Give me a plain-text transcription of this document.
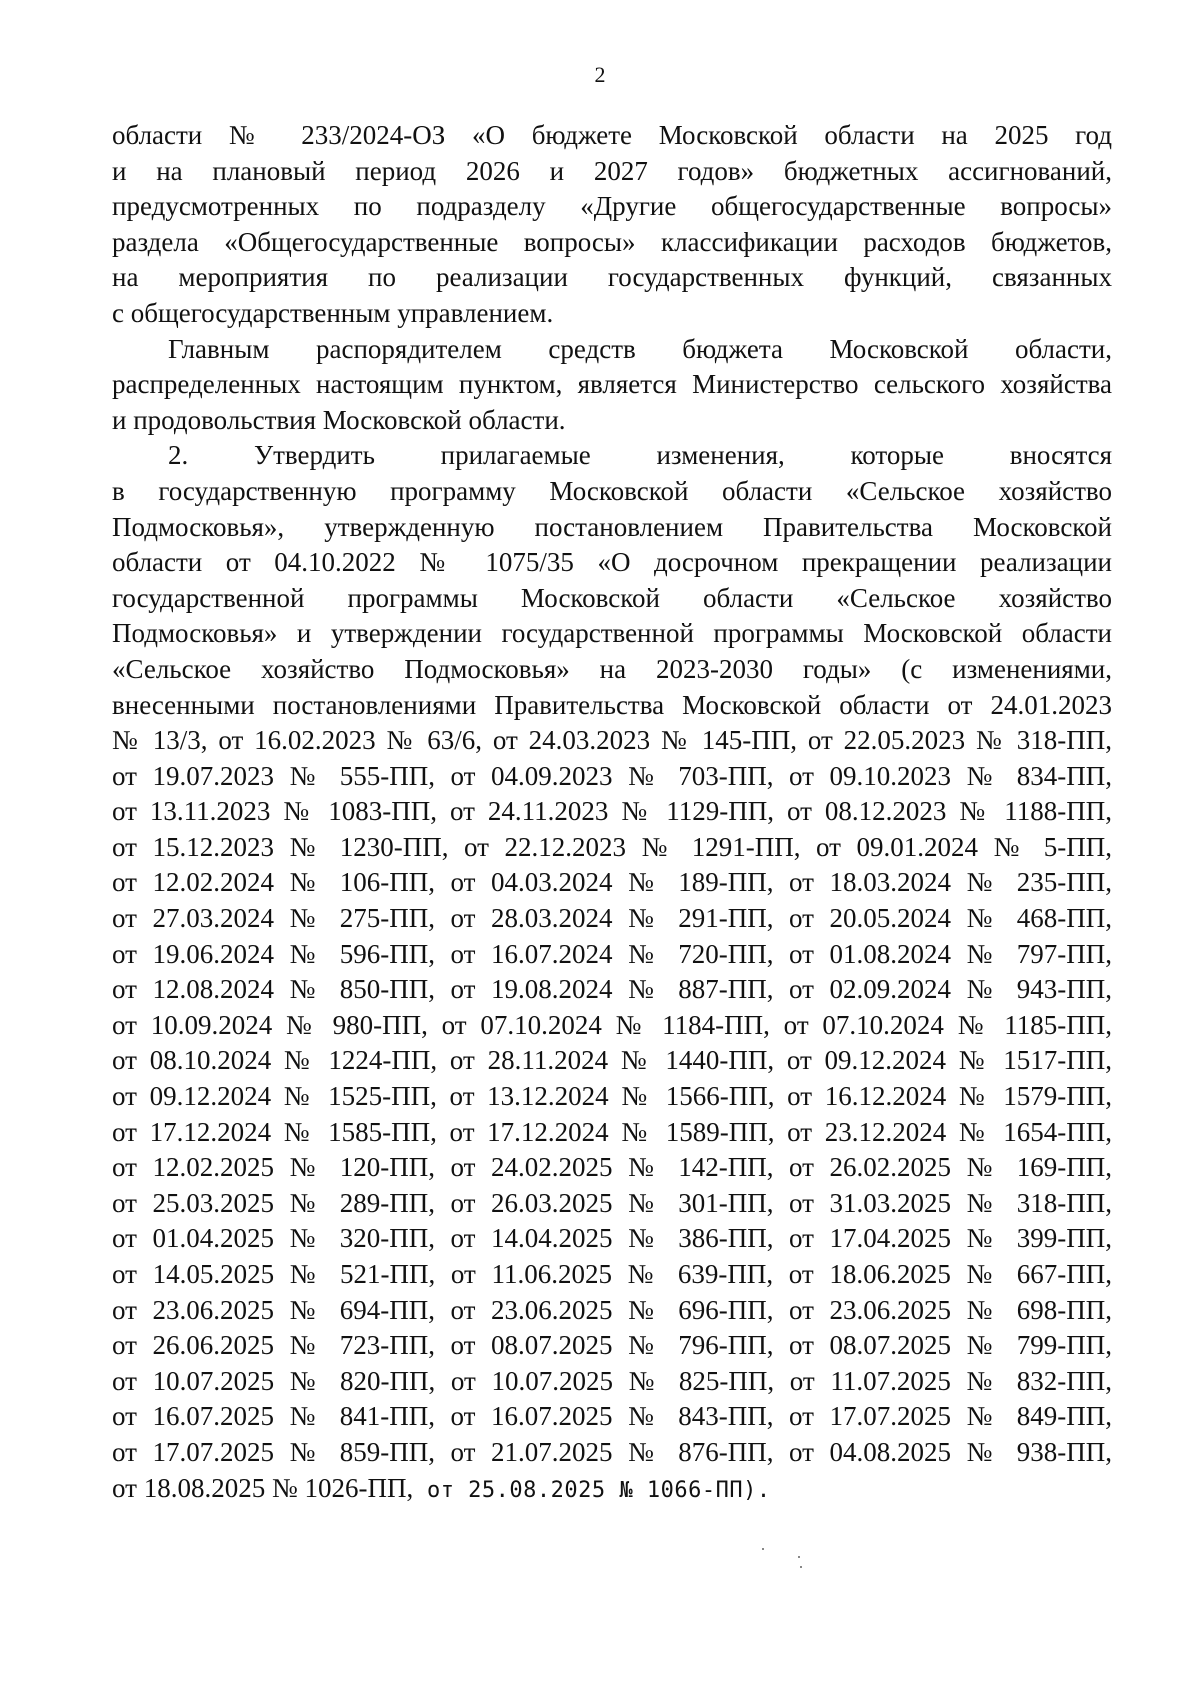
2
области № 233/2024-ОЗ «О бюджете Московской области на 2025 год
и на плановый период 2026 и 2027 годов» бюджетных ассигнований,
предусмотренных по подразделу «Другие общегосударственные вопросы»
раздела «Общегосударственные вопросы» классификации расходов бюджетов,
на мероприятия по реализации государственных функций, связанных
с общегосударственным управлением.
Главным распорядителем средств бюджета Московской области,
распределенных настоящим пунктом, является Министерство сельского хозяйства
и продовольствия Московской области.
2. Утвердить прилагаемые изменения, которые вносятся
в государственную программу Московской области «Сельское хозяйство
Подмосковья», утвержденную постановлением Правительства Московской
области от 04.10.2022 № 1075/35 «О досрочном прекращении реализации
государственной программы Московской области «Сельское хозяйство
Подмосковья» и утверждении государственной программы Московской области
«Сельское хозяйство Подмосковья» на 2023-2030 годы» (с изменениями,
внесенными постановлениями Правительства Московской области от 24.01.2023
№ 13/3, от 16.02.2023 № 63/6, от 24.03.2023 № 145-ПП, от 22.05.2023 № 318-ПП,
от 19.07.2023 № 555-ПП, от 04.09.2023 № 703-ПП, от 09.10.2023 № 834-ПП,
от 13.11.2023 № 1083-ПП, от 24.11.2023 № 1129-ПП, от 08.12.2023 № 1188-ПП,
от 15.12.2023 № 1230-ПП, от 22.12.2023 № 1291-ПП, от 09.01.2024 № 5-ПП,
от 12.02.2024 № 106-ПП, от 04.03.2024 № 189-ПП, от 18.03.2024 № 235-ПП,
от 27.03.2024 № 275-ПП, от 28.03.2024 № 291-ПП, от 20.05.2024 № 468-ПП,
от 19.06.2024 № 596-ПП, от 16.07.2024 № 720-ПП, от 01.08.2024 № 797-ПП,
от 12.08.2024 № 850-ПП, от 19.08.2024 № 887-ПП, от 02.09.2024 № 943-ПП,
от 10.09.2024 № 980-ПП, от 07.10.2024 № 1184-ПП, от 07.10.2024 № 1185-ПП,
от 08.10.2024 № 1224-ПП, от 28.11.2024 № 1440-ПП, от 09.12.2024 № 1517-ПП,
от 09.12.2024 № 1525-ПП, от 13.12.2024 № 1566-ПП, от 16.12.2024 № 1579-ПП,
от 17.12.2024 № 1585-ПП, от 17.12.2024 № 1589-ПП, от 23.12.2024 № 1654-ПП,
от 12.02.2025 № 120-ПП, от 24.02.2025 № 142-ПП, от 26.02.2025 № 169-ПП,
от 25.03.2025 № 289-ПП, от 26.03.2025 № 301-ПП, от 31.03.2025 № 318-ПП,
от 01.04.2025 № 320-ПП, от 14.04.2025 № 386-ПП, от 17.04.2025 № 399-ПП,
от 14.05.2025 № 521-ПП, от 11.06.2025 № 639-ПП, от 18.06.2025 № 667-ПП,
от 23.06.2025 № 694-ПП, от 23.06.2025 № 696-ПП, от 23.06.2025 № 698-ПП,
от 26.06.2025 № 723-ПП, от 08.07.2025 № 796-ПП, от 08.07.2025 № 799-ПП,
от 10.07.2025 № 820-ПП, от 10.07.2025 № 825-ПП, от 11.07.2025 № 832-ПП,
от 16.07.2025 № 841-ПП, от 16.07.2025 № 843-ПП, от 17.07.2025 № 849-ПП,
от 17.07.2025 № 859-ПП, от 21.07.2025 № 876-ПП, от 04.08.2025 № 938-ПП,
от 18.08.2025 № 1026-ПП, от 25.08.2025 № 1066-ПП).
